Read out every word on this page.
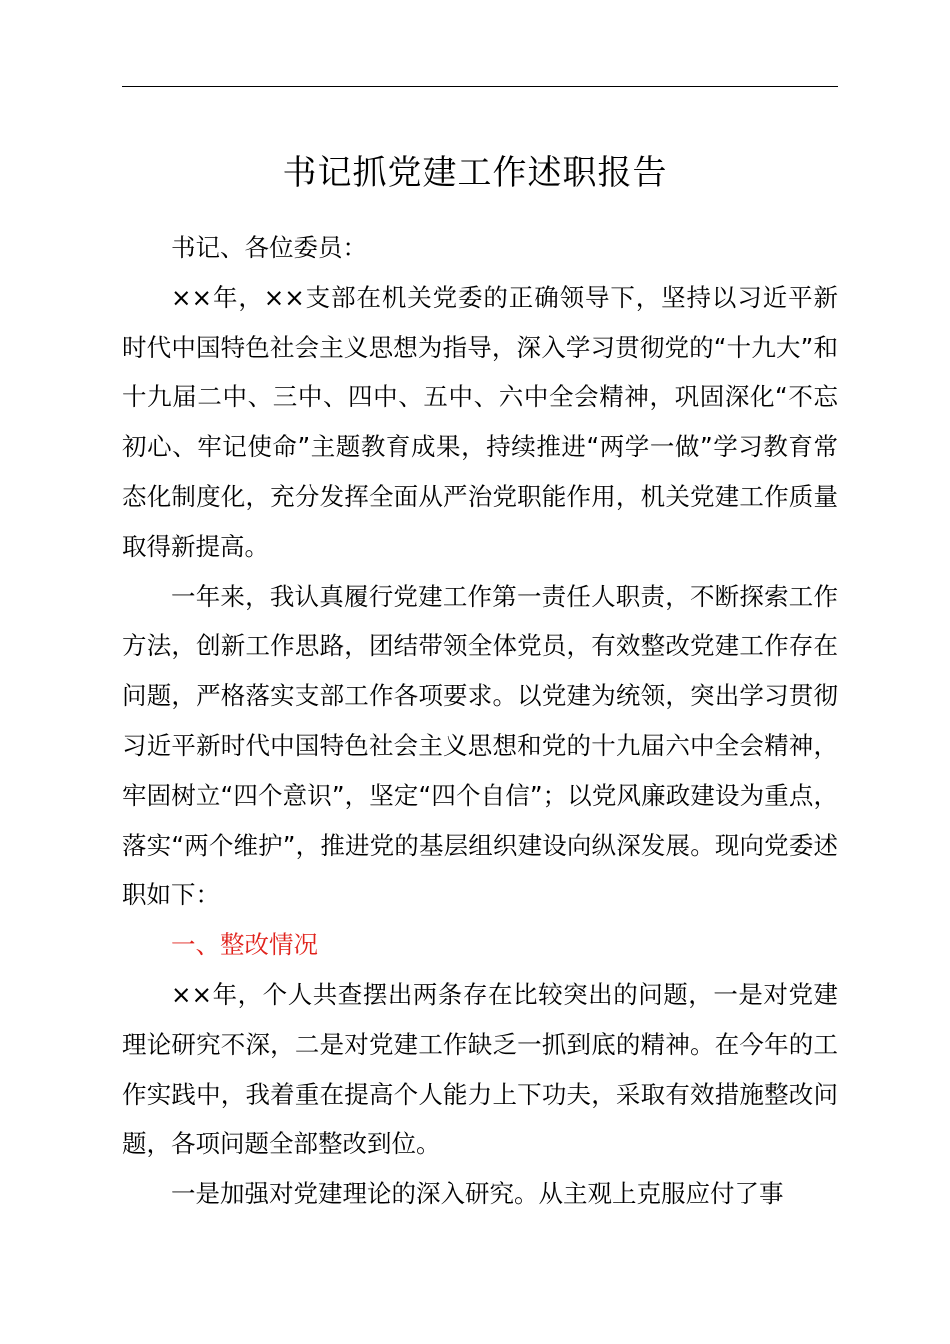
书记抓党建工作述职报告

书记、各位委员：

××年，××支部在机关党委的正确领导下，坚持以习近平新时代中国特色社会主义思想为指导，深入学习贯彻党的“十九大”和十九届二中、三中、四中、五中、六中全会精神，巩固深化“不忘初心、牢记使命”主题教育成果，持续推进“两学一做”学习教育常态化制度化，充分发挥全面从严治党职能作用，机关党建工作质量取得新提高。

一年来，我认真履行党建工作第一责任人职责，不断探索工作方法，创新工作思路，团结带领全体党员，有效整改党建工作存在问题，严格落实支部工作各项要求。以党建为统领，突出学习贯彻习近平新时代中国特色社会主义思想和党的十九届六中全会精神，牢固树立“四个意识”，坚定“四个自信”；以党风廉政建设为重点，落实“两个维护”，推进党的基层组织建设向纵深发展。现向党委述职如下：

一、整改情况

××年，个人共查摆出两条存在比较突出的问题，一是对党建理论研究不深，二是对党建工作缺乏一抓到底的精神。在今年的工作实践中，我着重在提高个人能力上下功夫，采取有效措施整改问题，各项问题全部整改到位。

一是加强对党建理论的深入研究。从主观上克服应付了事
